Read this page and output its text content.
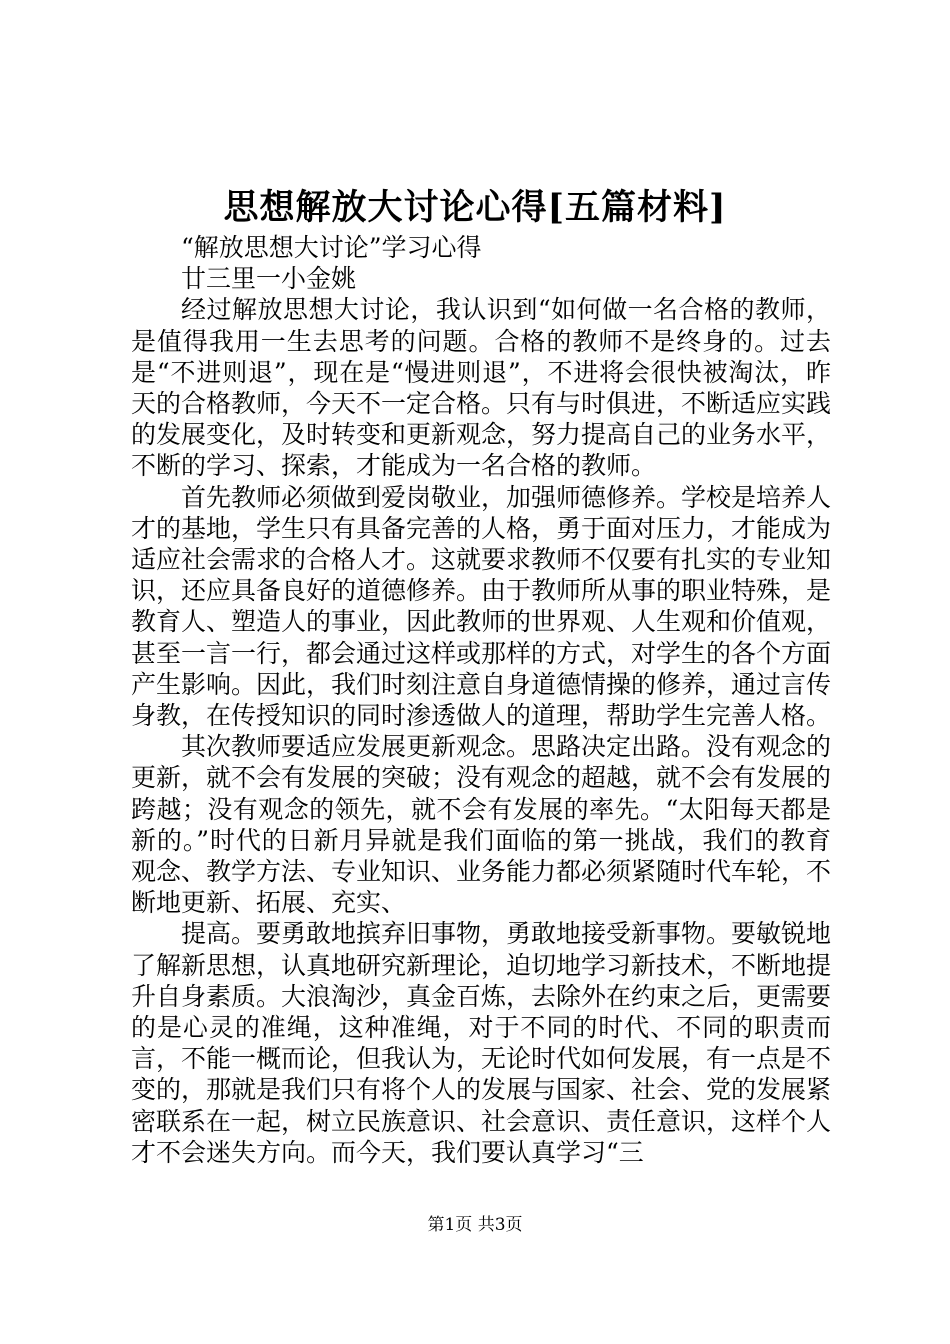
思想解放大讨论心得[五篇材料]

“解放思想大讨论”学习心得

廿三里一小金姚

经过解放思想大讨论，我认识到“如何做一名合格的教师，是值得我用一生去思考的问题。合格的教师不是终身的。过去是“不进则退”，现在是“慢进则退”，不进将会很快被淘汰，昨天的合格教师，今天不一定合格。只有与时俱进，不断适应实践的发展变化，及时转变和更新观念，努力提高自己的业务水平，不断的学习、探索，才能成为一名合格的教师。

首先教师必须做到爱岗敬业，加强师德修养。学校是培养人才的基地，学生只有具备完善的人格，勇于面对压力，才能成为适应社会需求的合格人才。这就要求教师不仅要有扎实的专业知识，还应具备良好的道德修养。由于教师所从事的职业特殊，是教育人、塑造人的事业，因此教师的世界观、人生观和价值观，甚至一言一行，都会通过这样或那样的方式，对学生的各个方面产生影响。因此，我们时刻注意自身道德情操的修养，通过言传身教，在传授知识的同时渗透做人的道理，帮助学生完善人格。

其次教师要适应发展更新观念。思路决定出路。没有观念的更新，就不会有发展的突破；没有观念的超越，就不会有发展的跨越；没有观念的领先，就不会有发展的率先。“太阳每天都是新的。”时代的日新月异就是我们面临的第一挑战，我们的教育观念、教学方法、专业知识、业务能力都必须紧随时代车轮，不断地更新、拓展、充实、

提高。要勇敢地摈弃旧事物，勇敢地接受新事物。要敏锐地了解新思想，认真地研究新理论，迫切地学习新技术，不断地提升自身素质。大浪淘沙，真金百炼，去除外在约束之后，更需要的是心灵的准绳，这种准绳，对于不同的时代、不同的职责而言，不能一概而论，但我认为，无论时代如何发展，有一点是不变的，那就是我们只有将个人的发展与国家、社会、党的发展紧密联系在一起，树立民族意识、社会意识、责任意识，这样个人才不会迷失方向。而今天，我们要认真学习“三

第1页 共3页
